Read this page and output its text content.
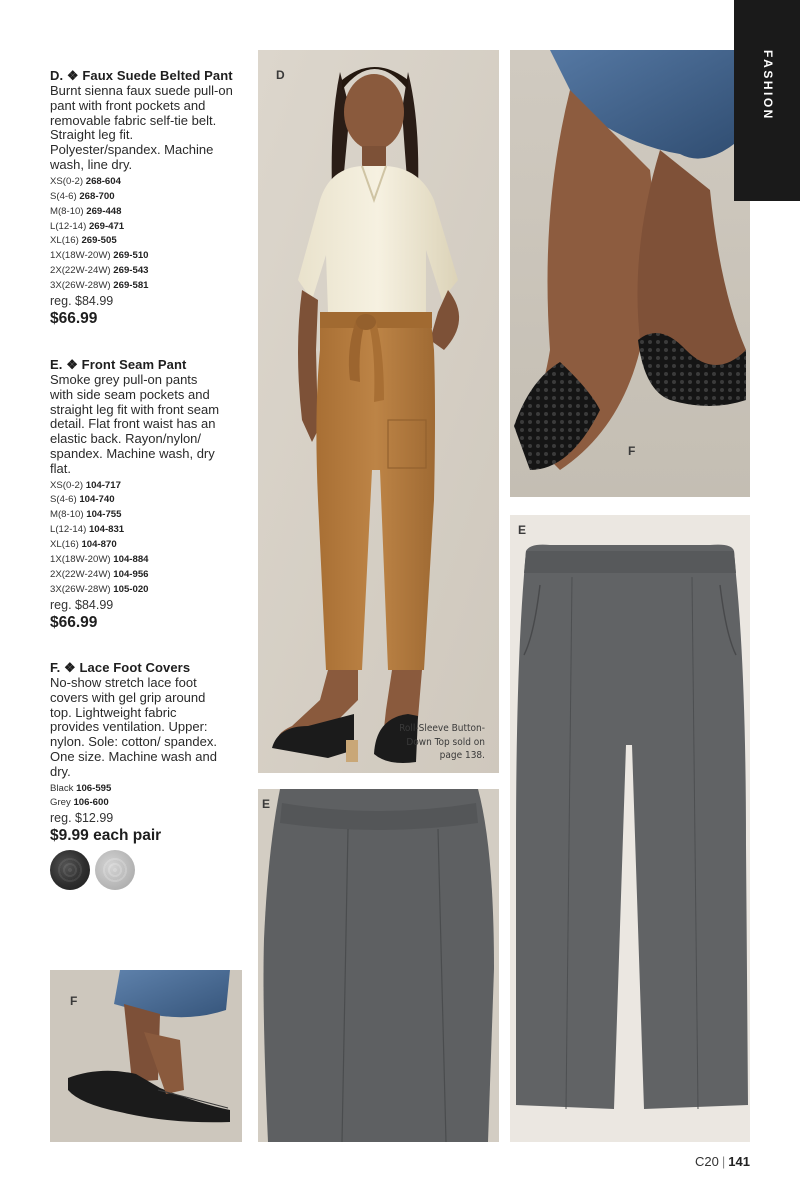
D. ❖ Faux Suede Belted Pant

Burnt sienna faux suede pull-on pant with front pockets and removable fabric self-tie belt. Straight leg fit. Polyester/spandex. Machine wash, line dry.

XS(0-2) 268-604
S(4-6) 268-700
M(8-10) 269-448
L(12-14) 269-471
XL(16) 269-505
1X(18W-20W) 269-510
2X(22W-24W) 269-543
3X(26W-28W) 269-581
reg. $84.99
$66.99
E. ❖ Front Seam Pant

Smoke grey pull-on pants with side seam pockets and straight leg fit with front seam detail. Flat front waist has an elastic back. Rayon/nylon/ spandex. Machine wash, dry flat.

XS(0-2) 104-717
S(4-6) 104-740
M(8-10) 104-755
L(12-14) 104-831
XL(16) 104-870
1X(18W-20W) 104-884
2X(22W-24W) 104-956
3X(26W-28W) 105-020
reg. $84.99
$66.99
F. ❖ Lace Foot Covers

No-show stretch lace foot covers with gel grip around top. Lightweight fabric provides ventilation. Upper: nylon. Sole: cotton/ spandex. One size. Machine wash and dry.

Black 106-595
Grey 106-600
reg. $12.99
$9.99 each pair
D
Roll-Sleeve Button-Down Top sold on page 138.
F
E
E
F
FASHION
C20 | 141
